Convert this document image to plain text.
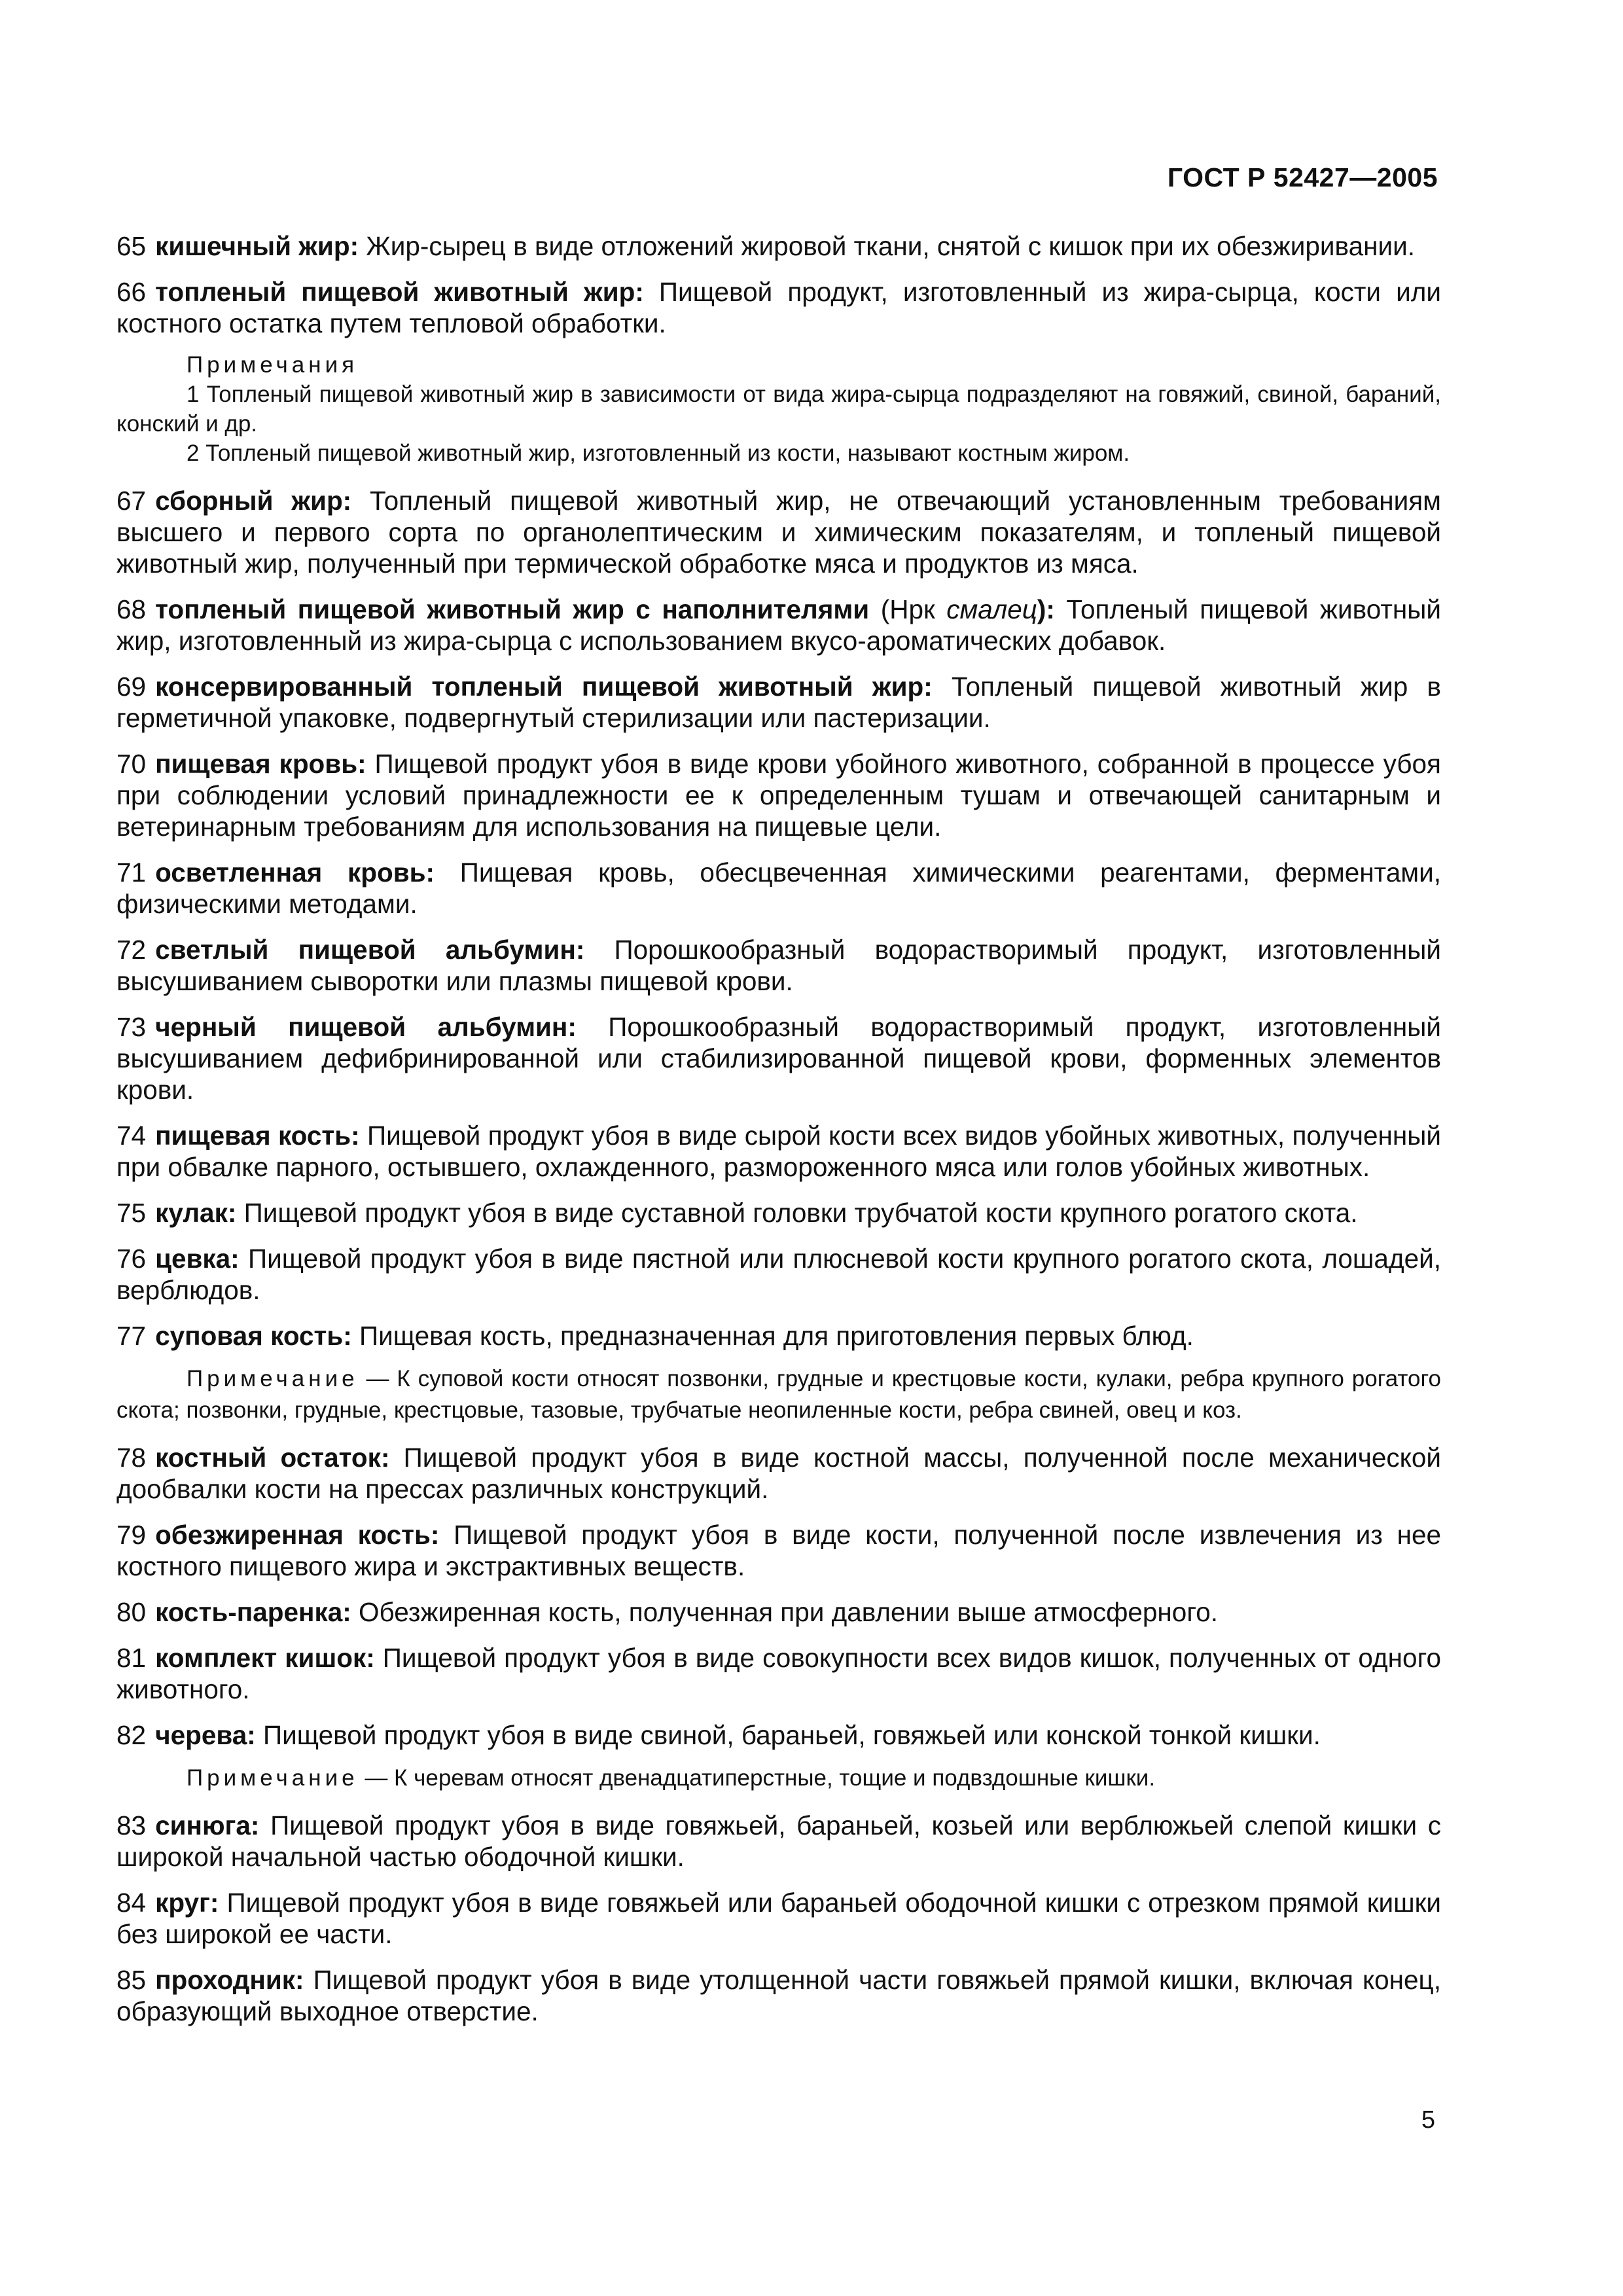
ГОСТ Р 52427—2005

65 кишечный жир: Жир-сырец в виде отложений жировой ткани, снятой с кишок при их обезжиривании.

66 топленый пищевой животный жир: Пищевой продукт, изготовленный из жира-сырца, кости или костного остатка путем тепловой обработки.

Примечания

1 Топленый пищевой животный жир в зависимости от вида жира-сырца подразделяют на говяжий, свиной, бараний, конский и др.

2 Топленый пищевой животный жир, изготовленный из кости, называют костным жиром.

67 сборный жир: Топленый пищевой животный жир, не отвечающий установленным требованиям высшего и первого сорта по органолептическим и химическим показателям, и топленый пищевой животный жир, полученный при термической обработке мяса и продуктов из мяса.

68 топленый пищевой животный жир с наполнителями (Нрк смалец): Топленый пищевой животный жир, изготовленный из жира-сырца с использованием вкусо-ароматических добавок.

69 консервированный топленый пищевой животный жир: Топленый пищевой животный жир в герметичной упаковке, подвергнутый стерилизации или пастеризации.

70 пищевая кровь: Пищевой продукт убоя в виде крови убойного животного, собранной в процессе убоя при соблюдении условий принадлежности ее к определенным тушам и отвечающей санитарным и ветеринарным требованиям для использования на пищевые цели.

71 осветленная кровь: Пищевая кровь, обесцвеченная химическими реагентами, ферментами, физическими методами.

72 светлый пищевой альбумин: Порошкообразный водорастворимый продукт, изготовленный высушиванием сыворотки или плазмы пищевой крови.

73 черный пищевой альбумин: Порошкообразный водорастворимый продукт, изготовленный высушиванием дефибринированной или стабилизированной пищевой крови, форменных элементов крови.

74 пищевая кость: Пищевой продукт убоя в виде сырой кости всех видов убойных животных, полученный при обвалке парного, остывшего, охлажденного, размороженного мяса или голов убойных животных.

75 кулак: Пищевой продукт убоя в виде суставной головки трубчатой кости крупного рогатого скота.

76 цевка: Пищевой продукт убоя в виде пястной или плюсневой кости крупного рогатого скота, лошадей, верблюдов.

77 суповая кость: Пищевая кость, предназначенная для приготовления первых блюд.

Примечание — К суповой кости относят позвонки, грудные и крестцовые кости, кулаки, ребра крупного рогатого скота; позвонки, грудные, крестцовые, тазовые, трубчатые неопиленные кости, ребра свиней, овец и коз.

78 костный остаток: Пищевой продукт убоя в виде костной массы, полученной после механической дообвалки кости на прессах различных конструкций.

79 обезжиренная кость: Пищевой продукт убоя в виде кости, полученной после извлечения из нее костного пищевого жира и экстрактивных веществ.

80 кость-паренка: Обезжиренная кость, полученная при давлении выше атмосферного.

81 комплект кишок: Пищевой продукт убоя в виде совокупности всех видов кишок, полученных от одного животного.

82 черева: Пищевой продукт убоя в виде свиной, бараньей, говяжьей или конской тонкой кишки.

Примечание — К черевам относят двенадцатиперстные, тощие и подвздошные кишки.

83 синюга: Пищевой продукт убоя в виде говяжьей, бараньей, козьей или верблюжьей слепой кишки с широкой начальной частью ободочной кишки.

84 круг: Пищевой продукт убоя в виде говяжьей или бараньей ободочной кишки с отрезком прямой кишки без широкой ее части.

85 проходник: Пищевой продукт убоя в виде утолщенной части говяжьей прямой кишки, включая конец, образующий выходное отверстие.

5
